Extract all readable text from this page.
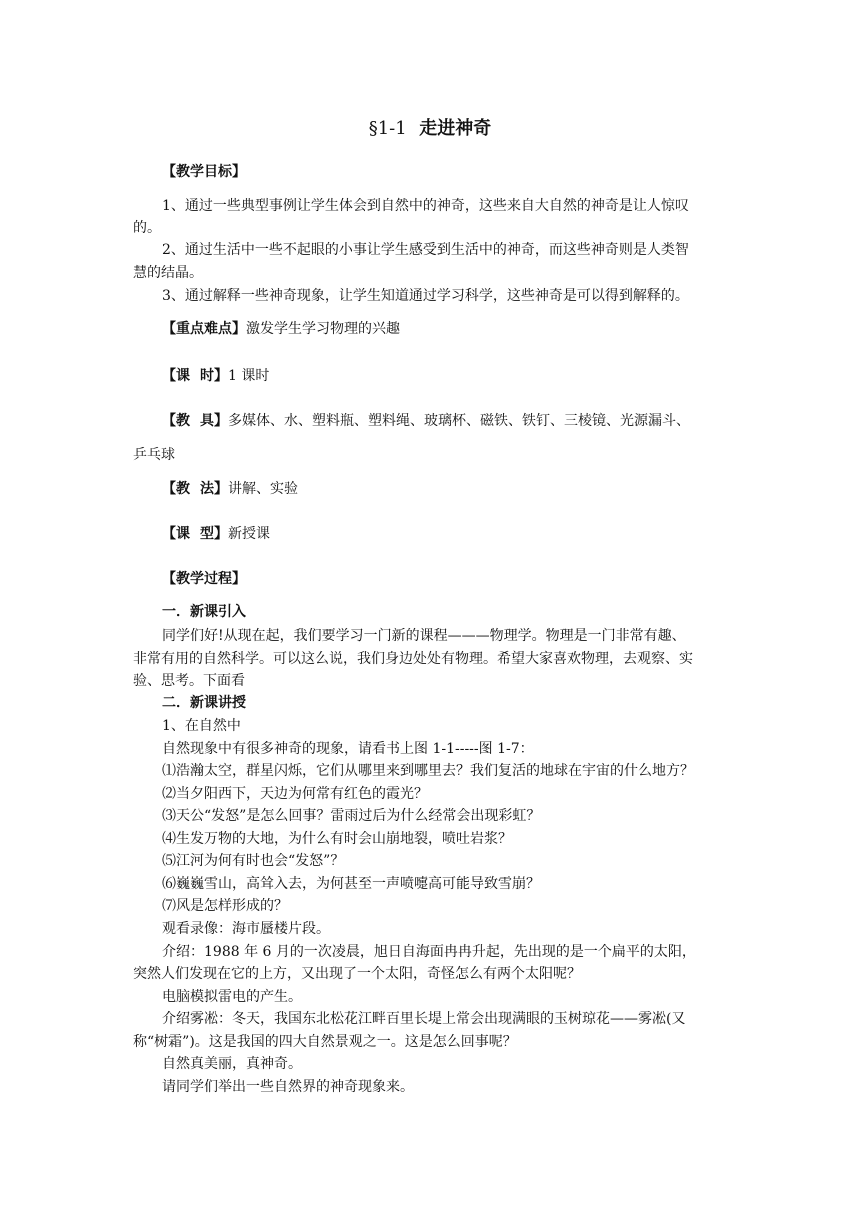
§1-1 走进神奇
【教学目标】
1、通过一些典型事例让学生体会到自然中的神奇，这些来自大自然的神奇是让人惊叹
的。
2、通过生活中一些不起眼的小事让学生感受到生活中的神奇，而这些神奇则是人类智
慧的结晶。
3、通过解释一些神奇现象，让学生知道通过学习科学，这些神奇是可以得到解释的。
【重点难点】激发学生学习物理的兴趣
【课 时】1 课时
【教 具】多媒体、水、塑料瓶、塑料绳、玻璃杯、磁铁、铁钉、三棱镜、光源漏斗、
乒乓球
【教 法】讲解、实验
【课 型】新授课
【教学过程】
一．新课引入
同学们好!从现在起，我们要学习一门新的课程———物理学。物理是一门非常有趣、
非常有用的自然科学。可以这么说，我们身边处处有物理。希望大家喜欢物理，去观察、实
验、思考。下面看
二．新课讲授
1、在自然中
自然现象中有很多神奇的现象，请看书上图 1-1-----图 1-7：
⑴浩瀚太空，群星闪烁，它们从哪里来到哪里去？我们复活的地球在宇宙的什么地方？
⑵当夕阳西下，天边为何常有红色的霞光？
⑶天公“发怒”是怎么回事？雷雨过后为什么经常会出现彩虹？
⑷生发万物的大地，为什么有时会山崩地裂，喷吐岩浆？
⑸江河为何有时也会“发怒”？
⑹巍巍雪山，高耸入去，为何甚至一声喷嚏高可能导致雪崩？
⑺风是怎样形成的？
观看录像：海市蜃楼片段。
介绍：1988 年 6 月的一次凌晨，旭日自海面冉冉升起，先出现的是一个扁平的太阳，
突然人们发现在它的上方，又出现了一个太阳，奇怪怎么有两个太阳呢？
电脑模拟雷电的产生。
介绍雾凇：冬天，我国东北松花江畔百里长堤上常会出现满眼的玉树琼花——雾凇(又
称“树霜”)。这是我国的四大自然景观之一。这是怎么回事呢？
自然真美丽，真神奇。
请同学们举出一些自然界的神奇现象来。
